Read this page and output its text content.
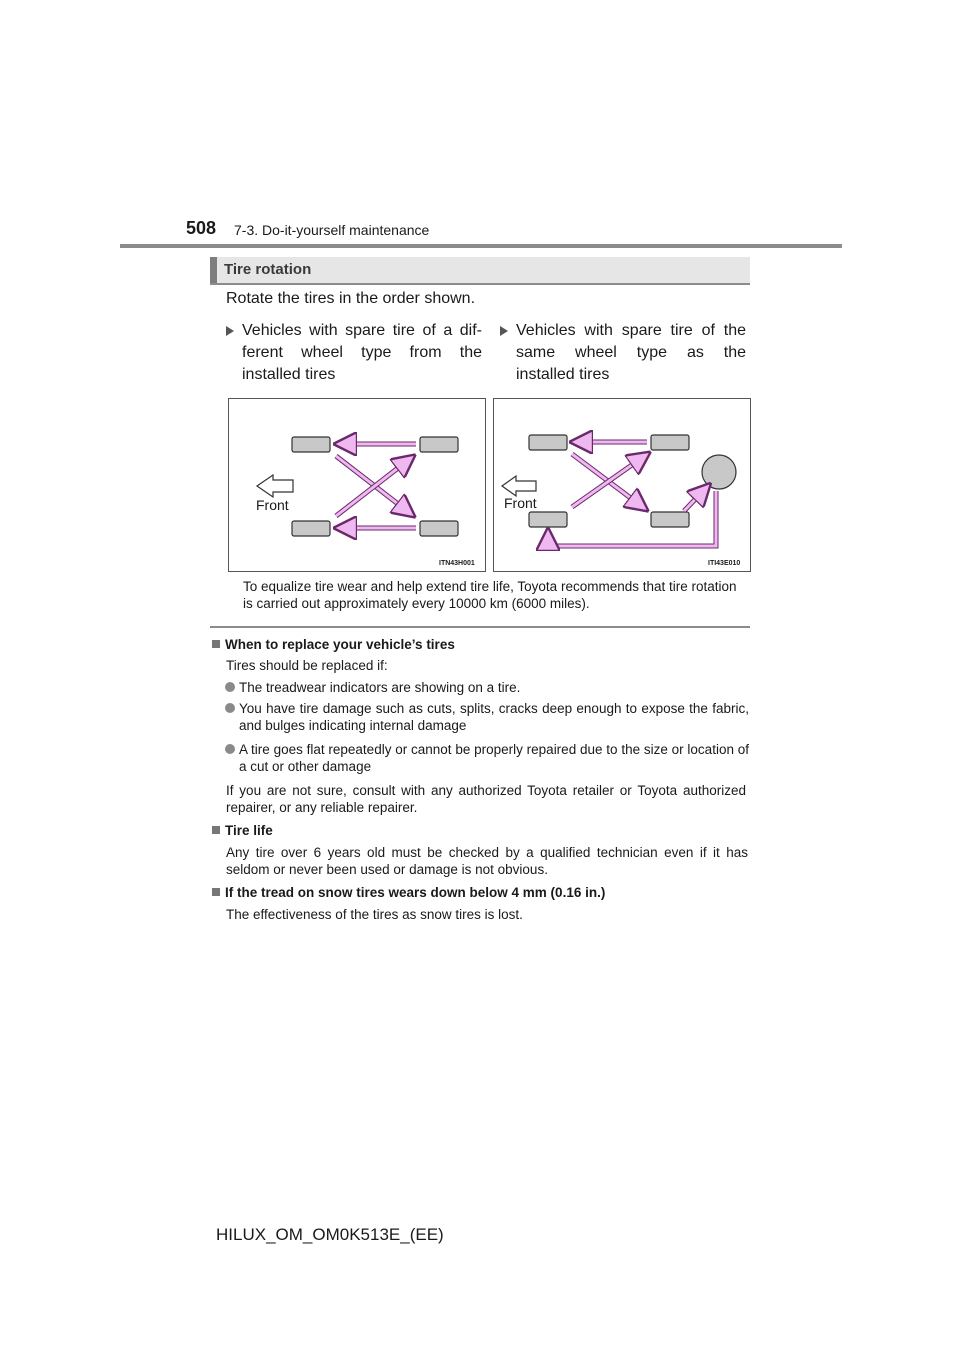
508 7-3. Do-it-yourself maintenance
Tire rotation
Rotate the tires in the order shown.
Vehicles with spare tire of a dif- ferent wheel type from the installed tires
Vehicles with spare tire of the same wheel type as the installed tires
Front
ITN43H001
Front
ITI43E010
To equalize tire wear and help extend tire life, Toyota recommends that tire rotation is carried out approximately every 10000 km (6000 miles).
When to replace your vehicle’s tires
Tires should be replaced if:
The treadwear indicators are showing on a tire.
You have tire damage such as cuts, splits, cracks deep enough to expose the fabric, and bulges indicating internal damage
A tire goes flat repeatedly or cannot be properly repaired due to the size or location of a cut or other damage
If you are not sure, consult with any authorized Toyota retailer or Toyota authorized repairer, or any reliable repairer.
Tire life
Any tire over 6 years old must be checked by a qualified technician even if it has seldom or never been used or damage is not obvious.
If the tread on snow tires wears down below 4 mm (0.16 in.)
The effectiveness of the tires as snow tires is lost.
HILUX_OM_OM0K513E_(EE)
